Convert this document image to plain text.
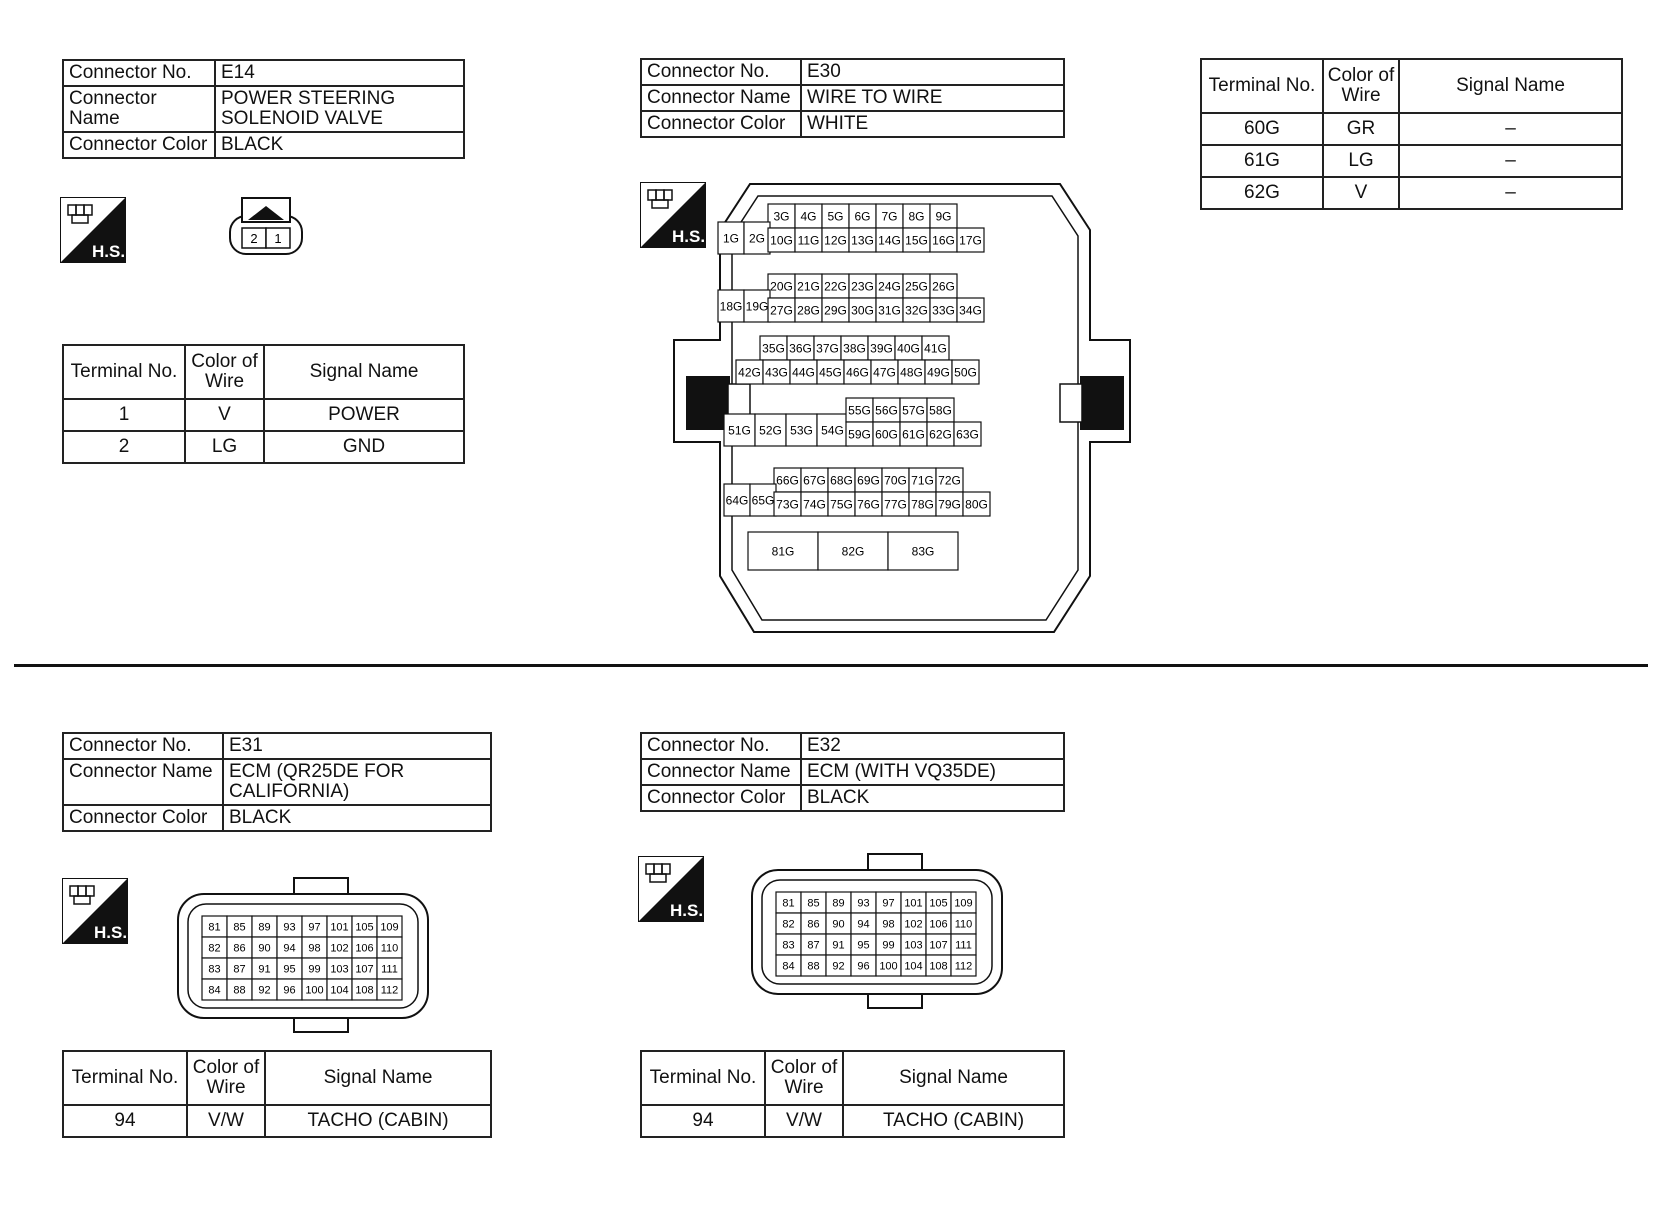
Connector No.	E14
Connector Name	POWER STEERING
SOLENOID VALVE

Connector Color	BLACK
H.S.
2 1
Terminal No.	Color of
Wire	Signal Name
1	V	POWER
2	LG	GND
Connector No.	E30
Connector Name	WIRE TO WIRE
Connector Color	WHITE
H.S.
3G 4G 5G 6G 7G 8G 9G
1G 2G 10G 11G 12G 13G 14G 15G 16G 17G
20G 21G 22G 23G 24G 25G 26G
18G 19G 27G 28G 29G 30G 31G 32G 33G 34G
35G 36G 37G 38G 39G 40G 41G
42G 43G 44G 45G 46G 47G 48G 49G 50G
51G 52G 53G 54G
55G 56G 57G 58G
59G 60G 61G 62G 63G
66G 67G 68G 69G 70G 71G 72G
64G 65G 73G 74G 75G 76G 77G 78G 79G 80G
81G	82G	83G
Terminal No.	Color of
Wire	Signal Name
60G	GR	–
61G	LG	–
62G	V	–
Connector No.	E31
Connector Name	ECM (QR25DE FOR
CALIFORNIA)

Connector Color	BLACK
H.S.	81 85 89 93 97 101 105 109
82 86 90 94 98 102 106 110
83 87 91 95 99 103 107 111
84 88 92 96 100 104 108 112
Terminal No.	Color of
Wire	Signal Name
94	V/W	TACHO (CABIN)
Connector No.	E32
Connector Name	ECM (WITH VQ35DE)
Connector Color	BLACK
H.S.	81 85 89 93 97 101 105 109
82 86 90 94 98 102 106 110
83 87 91 95 99 103 107 111
84 88 92 96 100 104 108 112
Terminal No.	Color of
Wire	Signal Name
94	V/W	TACHO (CABIN)
